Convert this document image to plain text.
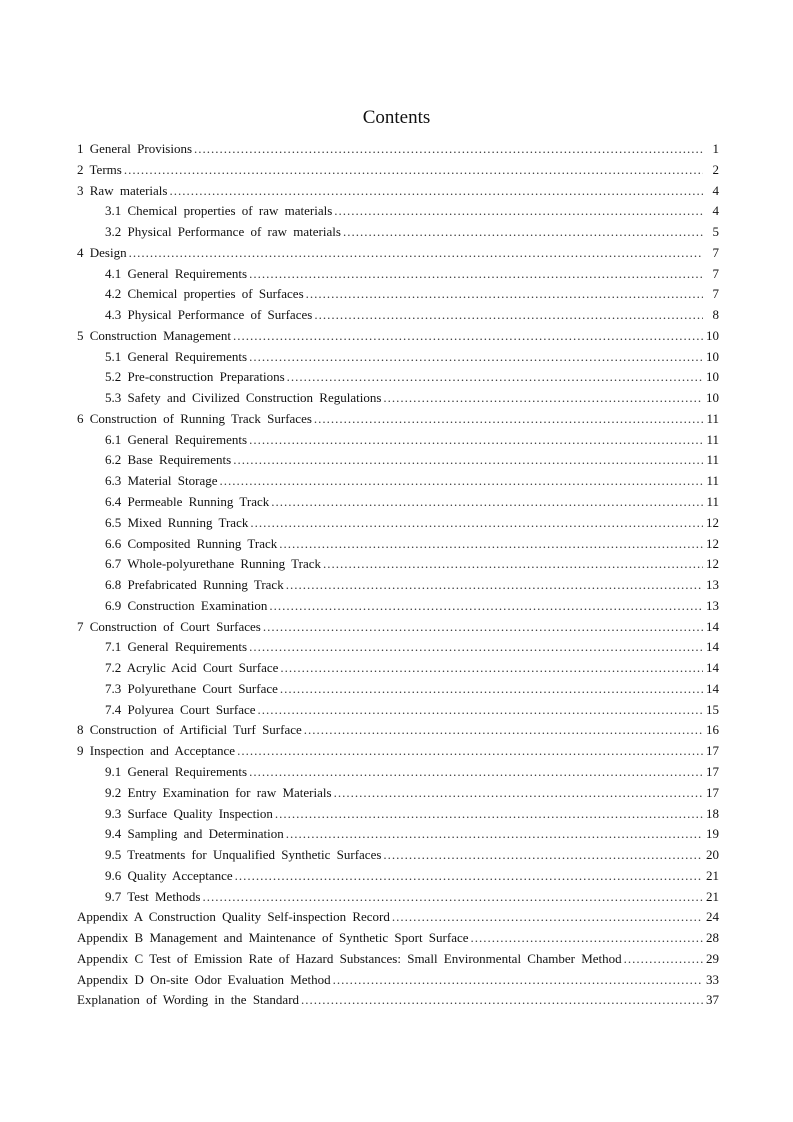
Contents
1 General Provisions .....	1
2 Terms .....	2
3 Raw materials .....	4
3.1 Chemical properties of raw materials .....	4
3.2 Physical Performance of raw materials .....	5
4 Design .....	7
4.1 General Requirements .....	7
4.2 Chemical properties of Surfaces .....	7
4.3 Physical Performance of Surfaces .....	8
5 Construction Management .....	10
5.1 General Requirements .....	10
5.2 Pre-construction Preparations .....	10
5.3 Safety and Civilized Construction Regulations .....	10
6 Construction of Running Track Surfaces .....	11
6.1 General Requirements .....	11
6.2 Base Requirements .....	11
6.3 Material Storage .....	11
6.4 Permeable Running Track .....	11
6.5 Mixed Running Track .....	12
6.6 Composited Running Track .....	12
6.7 Whole-polyurethane Running Track .....	12
6.8 Prefabricated Running Track .....	13
6.9 Construction Examination .....	13
7 Construction of Court Surfaces .....	14
7.1 General Requirements .....	14
7.2 Acrylic Acid Court Surface .....	14
7.3 Polyurethane Court Surface .....	14
7.4 Polyurea Court Surface .....	15
8 Construction of Artificial Turf Surface .....	16
9 Inspection and Acceptance .....	17
9.1 General Requirements .....	17
9.2 Entry Examination for raw Materials .....	17
9.3 Surface Quality Inspection .....	18
9.4 Sampling and Determination .....	19
9.5 Treatments for Unqualified Synthetic Surfaces .....	20
9.6 Quality Acceptance .....	21
9.7 Test Methods .....	21
Appendix A Construction Quality Self-inspection Record .....	24
Appendix B Management and Maintenance of Synthetic Sport Surface .....	28
Appendix C Test of Emission Rate of Hazard Substances: Small Environmental Chamber Method .....	29
Appendix D On-site Odor Evaluation Method .....	33
Explanation of Wording in the Standard .....	37
